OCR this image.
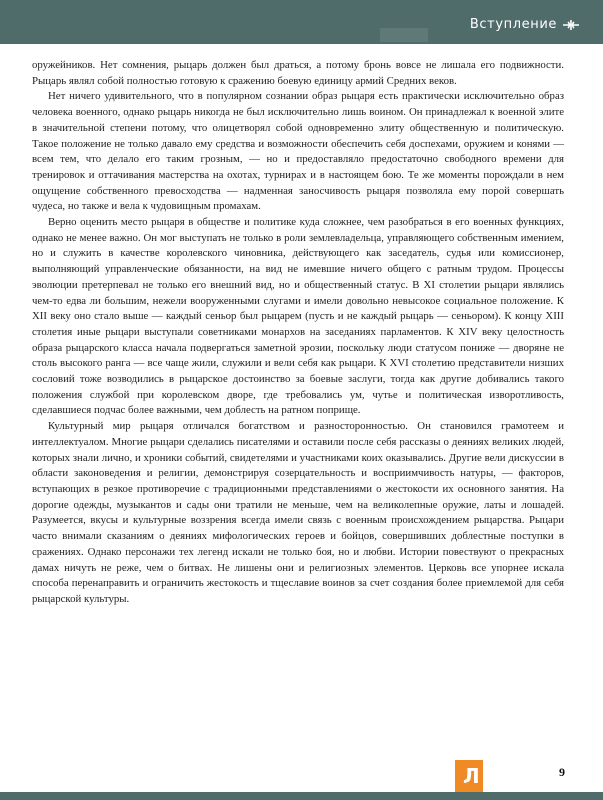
Вступление

оружейников. Нет сомнения, рыцарь должен был драться, а потому бронь вовсе не лишала его подвижности. Рыцарь являл собой полностью готовую к сражению боевую единицу армий Средних веков.

Нет ничего удивительного, что в популярном сознании образ рыцаря есть практически исключительно образ человека военного, однако рыцарь никогда не был исключительно лишь воином. Он принадлежал к военной элите в значительной степени потому, что олицетворял собой одновременно элиту общественную и политическую. Такое положение не только давало ему средства и возможности обеспечить себя доспехами, оружием и конями — всем тем, что делало его таким грозным, — но и предоставляло предостаточно свободного времени для тренировок и оттачивания мастерства на охотах, турнирах и в настоящем бою. Те же моменты порождали в нем ощущение собственного превосходства — надменная заносчивость рыцаря позволяла ему порой совершать чудеса, но также и вела к чудовищным промахам.

Верно оценить место рыцаря в обществе и политике куда сложнее, чем разобраться в его военных функциях, однако не менее важно. Он мог выступать не только в роли землевладельца, управляющего собственным имением, но и служить в качестве королевского чиновника, действующего как заседатель, судья или комиссионер, выполняющий управленческие обязанности, на вид не имевшие ничего общего с ратным трудом. Процессы эволюции претерпевал не только его внешний вид, но и общественный статус. В XI столетии рыцари являлись чем-то едва ли большим, нежели вооруженными слугами и имели довольно невысокое социальное положение. К XII веку оно стало выше — каждый сеньор был рыцарем (пусть и не каждый рыцарь — сеньором). К концу XIII столетия иные рыцари выступали советниками монархов на заседаниях парламентов. К XIV веку целостность образа рыцарского класса начала подвергаться заметной эрозии, поскольку люди статусом пониже — дворяне не столь высокого ранга — все чаще жили, служили и вели себя как рыцари. К XVI столетию представители низших сословий тоже возводились в рыцарское достоинство за боевые заслуги, тогда как другие добивались такого положения службой при королевском дворе, где требовались ум, чутье и политическая изворотливость, сделавшиеся подчас более важными, чем доблесть на ратном поприще.

Культурный мир рыцаря отличался богатством и разносторонностью. Он становился грамотеем и интеллектуалом. Многие рыцари сделались писателями и оставили после себя рассказы о деяниях великих людей, которых знали лично, и хроники событий, свидетелями и участниками коих оказывались. Другие вели дискуссии в области законоведения и религии, демонстрируя созерцательность и восприимчивость натуры, — факторов, вступающих в резкое противоречие с традиционными представлениями о жестокости их основного занятия. На дорогие одежды, музыкантов и сады они тратили не меньше, чем на великолепные оружие, латы и лошадей. Разумеется, вкусы и культурные воззрения всегда имели связь с военным происхождением рыцарства. Рыцари часто внимали сказаниям о деяниях мифологических героев и бойцов, совершивших доблестные поступки в сражениях. Однако персонажи тех легенд искали не только боя, но и любви. Истории повествуют о прекрасных дамах ничуть не реже, чем о битвах. Не лишены они и религиозных элементов. Церковь все упорнее искала способа перенаправить и ограничить жестокость и тщеславие воинов за счет создания более приемлемой для себя рыцарской культуры.

Л	9
